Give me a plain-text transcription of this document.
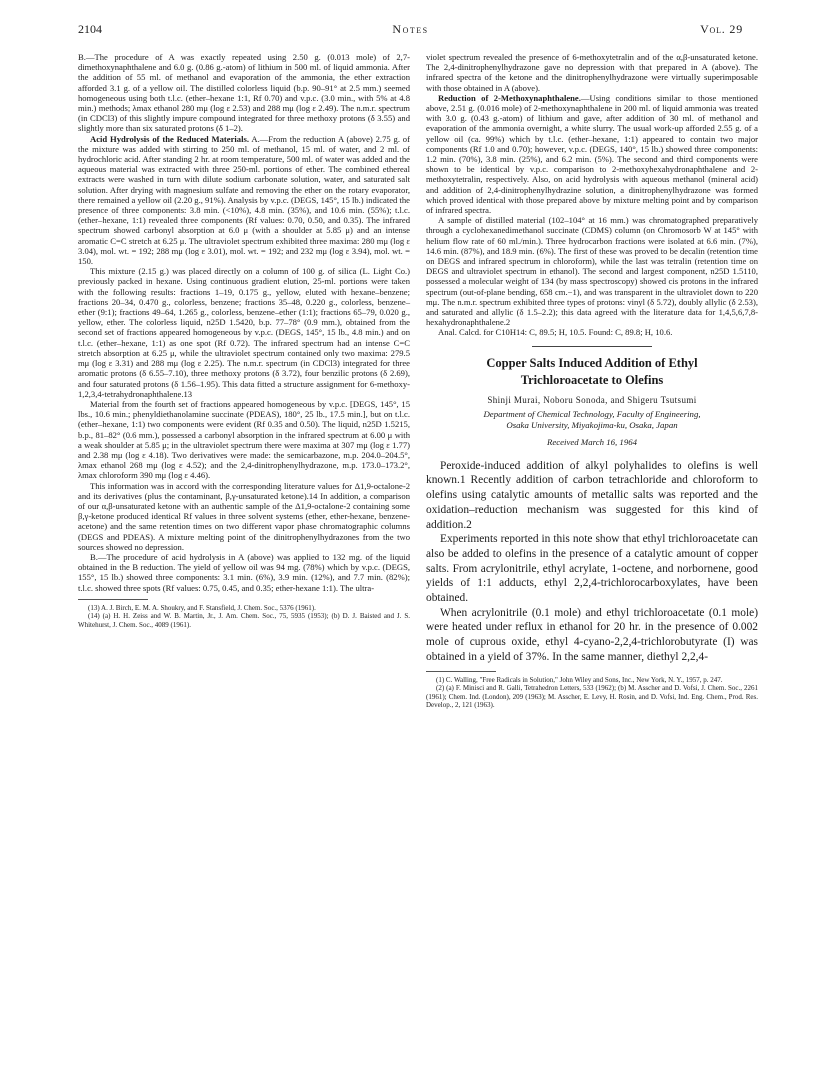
2104	Notes	Vol. 29

B.—The procedure of A was exactly repeated using 2.50 g. (0.013 mole) of 2,7-dimethoxynaphthalene and 6.0 g. (0.86 g.-atom) of lithium in 500 ml. of liquid ammonia. After the addition of 55 ml. of methanol and evaporation of the ammonia, the ether extraction afforded 3.1 g. of a yellow oil. The distilled colorless liquid (b.p. 90–91° at 2.5 mm.) seemed homogeneous using both t.l.c. (ether–hexane 1:1, Rf 0.70) and v.p.c. (3.0 min., with 5% at 4.8 min.) methods; λmax ethanol 280 mμ (log ε 2.53) and 288 mμ (log ε 2.49). The n.m.r. spectrum (in CDCl3) of this slightly impure compound integrated for three methoxy protons (δ 3.55) and slightly more than six saturated protons (δ 1–2).

Acid Hydrolysis of the Reduced Materials. A.—From the reduction A (above) 2.75 g. of the mixture was added with stirring to 250 ml. of methanol, 15 ml. of water, and 2 ml. of hydrochloric acid. After standing 2 hr. at room temperature, 500 ml. of water was added and the aqueous material was extracted with three 250-ml. portions of ether. The combined ethereal extracts were washed in turn with dilute sodium carbonate solution, water, and saturated salt solution. After drying with magnesium sulfate and removing the ether on the rotary evaporator, there remained a yellow oil (2.20 g., 91%). Analysis by v.p.c. (DEGS, 145°, 15 lb.) indicated the presence of three components: 3.8 min. (<10%), 4.8 min. (35%), and 10.6 min. (55%); t.l.c. (ether–hexane, 1:1) revealed three components (Rf values: 0.70, 0.50, and 0.35). The infrared spectrum showed carbonyl absorption at 6.0 μ (with a shoulder at 5.85 μ) and an intense aromatic C=C stretch at 6.25 μ. The ultraviolet spectrum exhibited three maxima: 280 mμ (log ε 3.04), mol. wt. = 192; 288 mμ (log ε 3.01), mol. wt. = 192; and 232 mμ (log ε 3.94), mol. wt. = 150.

This mixture (2.15 g.) was placed directly on a column of 100 g. of silica (L. Light Co.) previously packed in hexane. Using continuous gradient elution, 25-ml. portions were taken with the following results: fractions 1–19, 0.175 g., yellow, eluted with hexane–benzene; fractions 20–34, 0.470 g., colorless, benzene; fractions 35–48, 0.220 g., colorless, benzene–ether (9:1); fractions 49–64, 1.265 g., colorless, benzene–ether (1:1); fractions 65–79, 0.020 g., yellow, ether. The colorless liquid, n25D 1.5420, b.p. 77–78° (0.9 mm.), obtained from the second set of fractions appeared homogeneous by v.p.c. (DEGS, 145°, 15 lb., 4.8 min.) and on t.l.c. (ether–hexane, 1:1) as one spot (Rf 0.72). The infrared spectrum had an intense C=C stretch absorption at 6.25 μ, while the ultraviolet spectrum contained only two maxima: 279.5 mμ (log ε 3.31) and 288 mμ (log ε 2.25). The n.m.r. spectrum (in CDCl3) integrated for three aromatic protons (δ 6.55–7.10), three methoxy protons (δ 3.72), four benzilic protons (δ 2.69), and four saturated protons (δ 1.56–1.95). This data fitted a structure assignment for 6-methoxy-1,2,3,4-tetrahydronaphthalene.13

Material from the fourth set of fractions appeared homogeneous by v.p.c. [DEGS, 145°, 15 lbs., 10.6 min.; phenyldiethanolamine succinate (PDEAS), 180°, 25 lb., 17.5 min.], but on t.l.c. (ether–hexane, 1:1) two components were evident (Rf 0.35 and 0.50). The liquid, n25D 1.5215, b.p., 81–82° (0.6 mm.), possessed a carbonyl absorption in the infrared spectrum at 6.00 μ with a weak shoulder at 5.85 μ; in the ultraviolet spectrum there were maxima at 307 mμ (log ε 1.77) and 2.38 mμ (log ε 4.18). Two derivatives were made: the semicarbazone, m.p. 204.0–204.5°, λmax ethanol 268 mμ (log ε 4.52); and the 2,4-dinitrophenylhydrazone, m.p. 173.0–173.2°, λmax chloroform 390 mμ (log ε 4.46).

This information was in accord with the corresponding literature values for Δ1,9-octalone-2 and its derivatives (plus the contaminant, β,γ-unsaturated ketone).14 In addition, a comparison of our α,β-unsaturated ketone with an authentic sample of the Δ1,9-octalone-2 containing some β,γ-ketone produced identical Rf values in three solvent systems (ether, ether-hexane, benzene-acetone) and the same retention times on two different vapor phase chromatographic columns (DEGS and PDEAS). A mixture melting point of the dinitrophenylhydrazones from the two sources showed no depression.

B.—The procedure of acid hydrolysis in A (above) was applied to 132 mg. of the liquid obtained in the B reduction. The yield of yellow oil was 94 mg. (78%) which by v.p.c. (DEGS, 155°, 15 lb.) showed three components: 3.1 min. (6%), 3.9 min. (12%), and 7.7 min. (82%); t.l.c. showed three spots (Rf values: 0.75, 0.45, and 0.35; ether-hexane 1:1). The ultra-

(13) A. J. Birch, E. M. A. Shoukry, and F. Stansfield, J. Chem. Soc., 5376 (1961).

(14) (a) H. H. Zeiss and W. B. Martin, Jr., J. Am. Chem. Soc., 75, 5935 (1953); (b) D. J. Baisted and J. S. Whitehurst, J. Chem. Soc., 4089 (1961).

violet spectrum revealed the presence of 6-methoxytetralin and of the α,β-unsaturated ketone. The 2,4-dinitrophenylhydrazone gave no depression with that prepared in A (above). The infrared spectra of the ketone and the dinitrophenylhydrazone were virtually superimposable with those obtained in A (above).

Reduction of 2-Methoxynaphthalene.—Using conditions similar to those mentioned above, 2.51 g. (0.016 mole) of 2-methoxynaphthalene in 200 ml. of liquid ammonia was treated with 3.0 g. (0.43 g.-atom) of lithium and gave, after addition of 30 ml. of methanol and evaporation of the ammonia overnight, a white slurry. The usual work-up afforded 2.55 g. of a yellow oil (ca. 99%) which by t.l.c. (ether–hexane, 1:1) appeared to contain two major components (Rf 1.0 and 0.70); however, v.p.c. (DEGS, 140°, 15 lb.) showed three components: 1.2 min. (70%), 3.8 min. (25%), and 6.2 min. (5%). The second and third components were shown to be identical by v.p.c. comparison to 2-methoxyhexahydronaphthalene and 2-methoxytetralin, respectively. Also, on acid hydrolysis with aqueous methanol (mineral acid) and addition of 2,4-dinitrophenylhydrazine solution, a dinitrophenylhydrazone was formed which proved identical with those prepared above by mixture melting point and by comparison of infrared spectra.

A sample of distilled material (102–104° at 16 mm.) was chromatographed preparatively through a cyclohexanedimethanol succinate (CDMS) column (on Chromosorb W at 145° with helium flow rate of 60 ml./min.). Three hydrocarbon fractions were isolated at 6.6 min. (7%), 14.6 min. (87%), and 18.9 min. (6%). The first of these was proved to be decalin (retention time on DEGS and infrared spectrum in chloroform), while the last was tetralin (retention time on DEGS and ultraviolet spectrum in ethanol). The second and largest component, n25D 1.5110, possessed a molecular weight of 134 (by mass spectroscopy) showed cis protons in the infrared spectrum (out-of-plane bending, 658 cm.−1), and was transparent in the ultraviolet down to 220 mμ. The n.m.r. spectrum exhibited three types of protons: vinyl (δ 5.72), doubly allylic (δ 2.53), and saturated and allylic (δ 1.5–2.2); this data agreed with the literature data for 1,4,5,6,7,8-hexahydronaphthalene.2

Anal. Calcd. for C10H14: C, 89.5; H, 10.5. Found: C, 89.8; H, 10.6.

Copper Salts Induced Addition of Ethyl

Trichloroacetate to Olefins

Shinji Murai, Noboru Sonoda, and Shigeru Tsutsumi

Department of Chemical Technology, Faculty of Engineering,

Osaka University, Miyakojima-ku, Osaka, Japan

Received March 16, 1964

Peroxide-induced addition of alkyl polyhalides to olefins is well known.1 Recently addition of carbon tetrachloride and chloroform to olefins using catalytic amounts of metallic salts was reported and the oxidation–reduction mechanism was suggested for this kind of addition.2

Experiments reported in this note show that ethyl trichloroacetate can also be added to olefins in the presence of a catalytic amount of copper salts. From acrylonitrile, ethyl acrylate, 1-octene, and norbornene, good yields of 1:1 adducts, ethyl 2,2,4-trichlorocarboxylates, have been obtained.

When acrylonitrile (0.1 mole) and ethyl trichloroacetate (0.1 mole) were heated under reflux in ethanol for 20 hr. in the presence of 0.002 mole of cuprous oxide, ethyl 4-cyano-2,2,4-trichlorobutyrate (I) was obtained in a yield of 37%. In the same manner, diethyl 2,2,4-

(1) C. Walling, "Free Radicals in Solution," John Wiley and Sons, Inc., New York, N. Y., 1957, p. 247.

(2) (a) F. Minisci and R. Galli, Tetrahedron Letters, 533 (1962); (b) M. Asscher and D. Vofsi, J. Chem. Soc., 2261 (1961); Chem. Ind. (London), 209 (1963); M. Asscher, E. Levy, H. Rosin, and D. Vofsi, Ind. Eng. Chem., Prod. Res. Develop., 2, 121 (1963).
